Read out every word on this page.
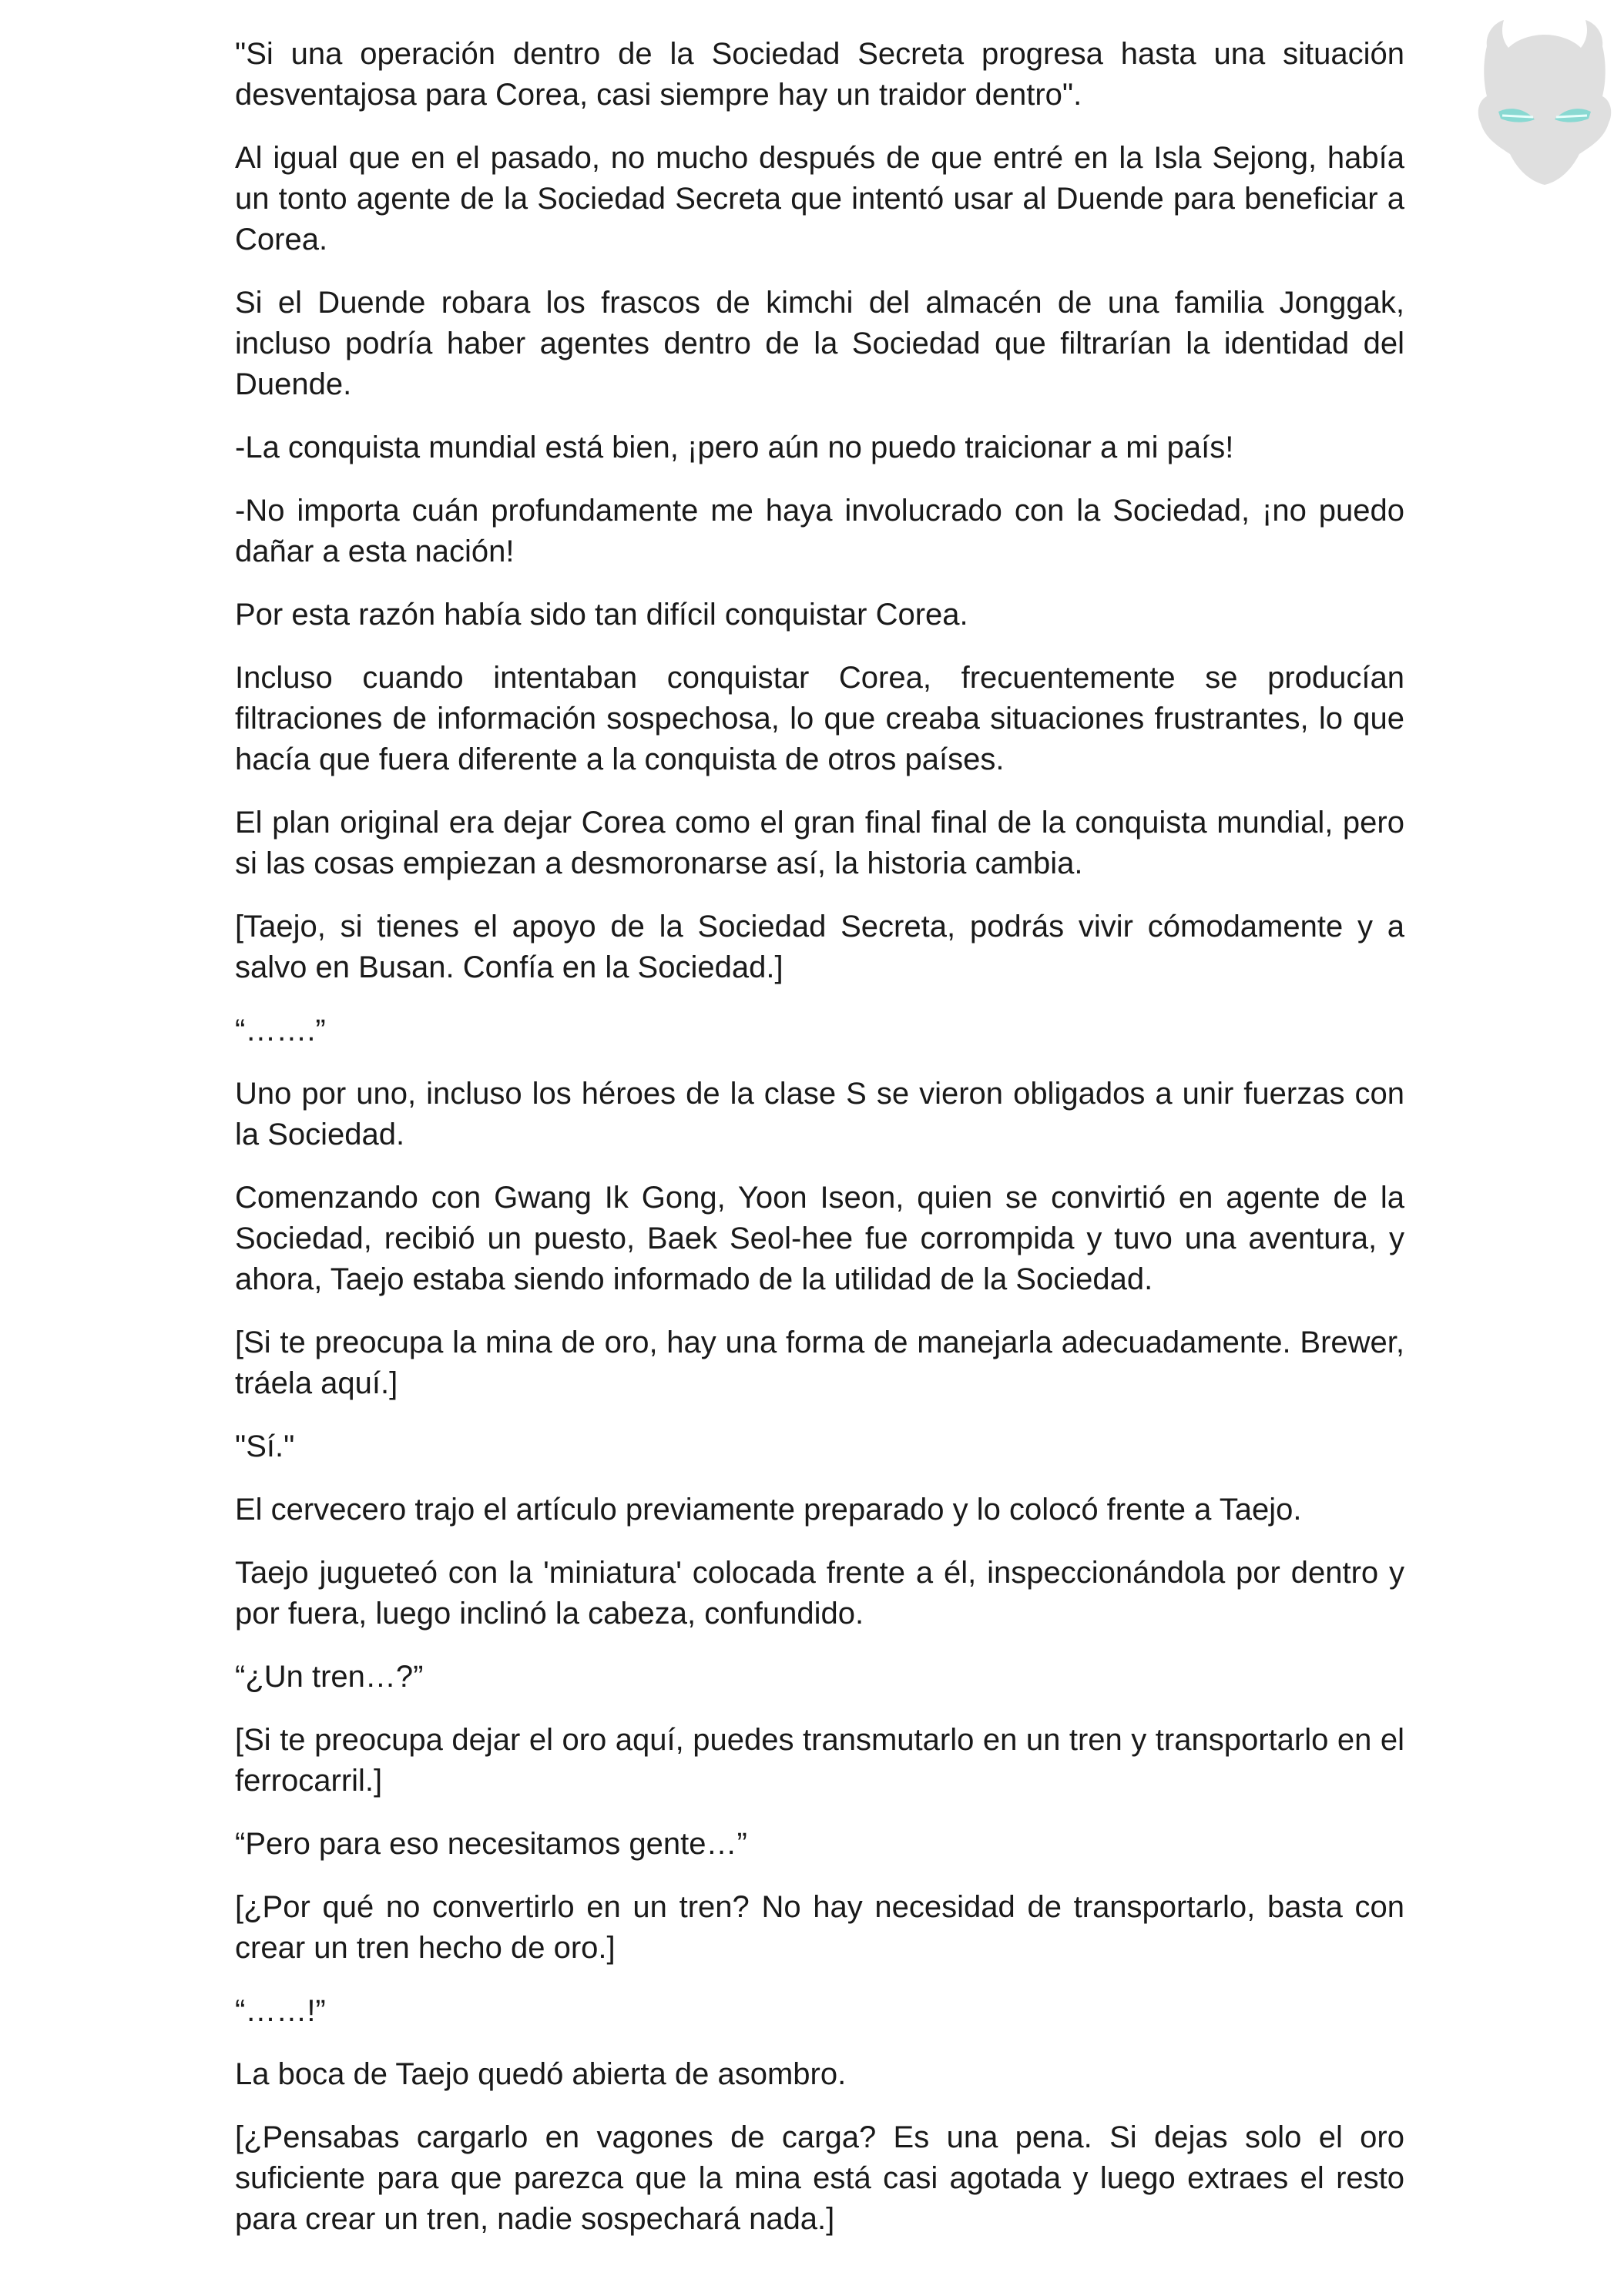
"Si una operación dentro de la Sociedad Secreta progresa hasta una situación desventajosa para Corea, casi siempre hay un traidor dentro".

Al igual que en el pasado, no mucho después de que entré en la Isla Sejong, había un tonto agente de la Sociedad Secreta que intentó usar al Duende para beneficiar a Corea.

Si el Duende robara los frascos de kimchi del almacén de una familia Jonggak, incluso podría haber agentes dentro de la Sociedad que filtrarían la identidad del Duende.

-La conquista mundial está bien, ¡pero aún no puedo traicionar a mi país!

-No importa cuán profundamente me haya involucrado con la Sociedad, ¡no puedo dañar a esta nación!

Por esta razón había sido tan difícil conquistar Corea.

Incluso cuando intentaban conquistar Corea, frecuentemente se producían filtraciones de información sospechosa, lo que creaba situaciones frustrantes, lo que hacía que fuera diferente a la conquista de otros países.

El plan original era dejar Corea como el gran final final de la conquista mundial, pero si las cosas empiezan a desmoronarse así, la historia cambia.

[Taejo, si tienes el apoyo de la Sociedad Secreta, podrás vivir cómodamente y a salvo en Busan. Confía en la Sociedad.]

“…….”

Uno por uno, incluso los héroes de la clase S se vieron obligados a unir fuerzas con la Sociedad.

Comenzando con Gwang Ik Gong, Yoon Iseon, quien se convirtió en agente de la Sociedad, recibió un puesto, Baek Seol-hee fue corrompida y tuvo una aventura, y ahora, Taejo estaba siendo informado de la utilidad de la Sociedad.

[Si te preocupa la mina de oro, hay una forma de manejarla adecuadamente. Brewer, tráela aquí.]

"Sí."

El cervecero trajo el artículo previamente preparado y lo colocó frente a Taejo.

Taejo jugueteó con la 'miniatura' colocada frente a él, inspeccionándola por dentro y por fuera, luego inclinó la cabeza, confundido.

“¿Un tren…?”

[Si te preocupa dejar el oro aquí, puedes transmutarlo en un tren y transportarlo en el ferrocarril.]

“Pero para eso necesitamos gente…”

[¿Por qué no convertirlo en un tren? No hay necesidad de transportarlo, basta con crear un tren hecho de oro.]

“……!”

La boca de Taejo quedó abierta de asombro.

[¿Pensabas cargarlo en vagones de carga? Es una pena. Si dejas solo el oro suficiente para que parezca que la mina está casi agotada y luego extraes el resto para crear un tren, nadie sospechará nada.]
